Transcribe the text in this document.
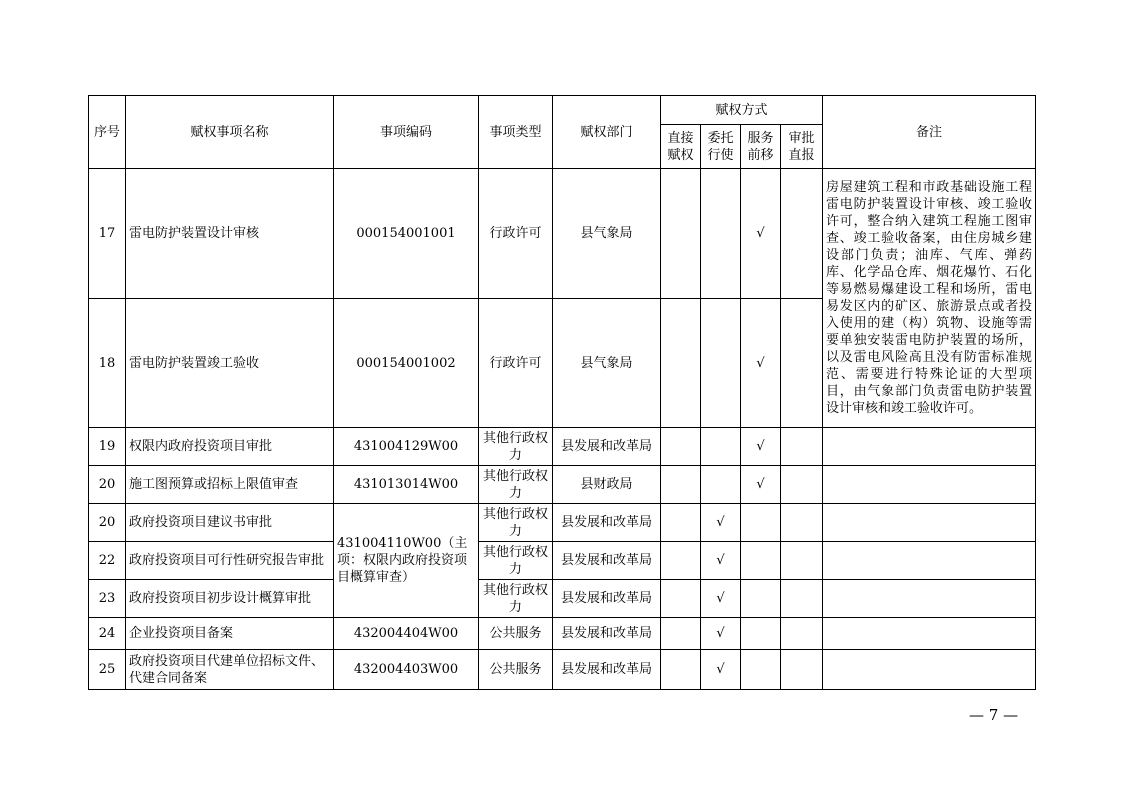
序号	赋权事项名称	事项编码	事项类型	赋权部门	赋权方式				备注
					直接赋权	委托行使	服务前移	审批直报	
17	雷电防护装置设计审核	000154001001	行政许可	县气象局			√		房屋建筑工程和市政基础设施工程雷电防护装置设计审核、竣工验收许可，整合纳入建筑工程施工图审查、竣工验收备案，由住房城乡建设部门负责；油库、气库、弹药库、化学品仓库、烟花爆竹、石化等易燃易爆建设工程和场所，雷电易发区内的矿区、旅游景点或者投入使用的建（构）筑物、设施等需要单独安装雷电防护装置的场所，以及雷电风险高且没有防雷标准规范、需要进行特殊论证的大型项目，由气象部门负责雷电防护装置设计审核和竣工验收许可。

18	雷电防护装置竣工验收	000154001002	行政许可	县气象局			√		
19	权限内政府投资项目审批	431004129W00	其他行政权力	县发展和改革局			√		
20	施工图预算或招标上限值审查	431013014W00	其他行政权力	县财政局			√		
20	政府投资项目建议书审批	431004110W00（主项：权限内政府投资项目概算审查）	其他行政权力	县发展和改革局		√			
22	政府投资项目可行性研究报告审批		其他行政权力	县发展和改革局		√			
23	政府投资项目初步设计概算审批		其他行政权力	县发展和改革局		√			
24	企业投资项目备案	432004404W00	公共服务	县发展和改革局		√			
25	政府投资项目代建单位招标文件、代建合同备案	432004403W00	公共服务	县发展和改革局		√			
— 7 —
